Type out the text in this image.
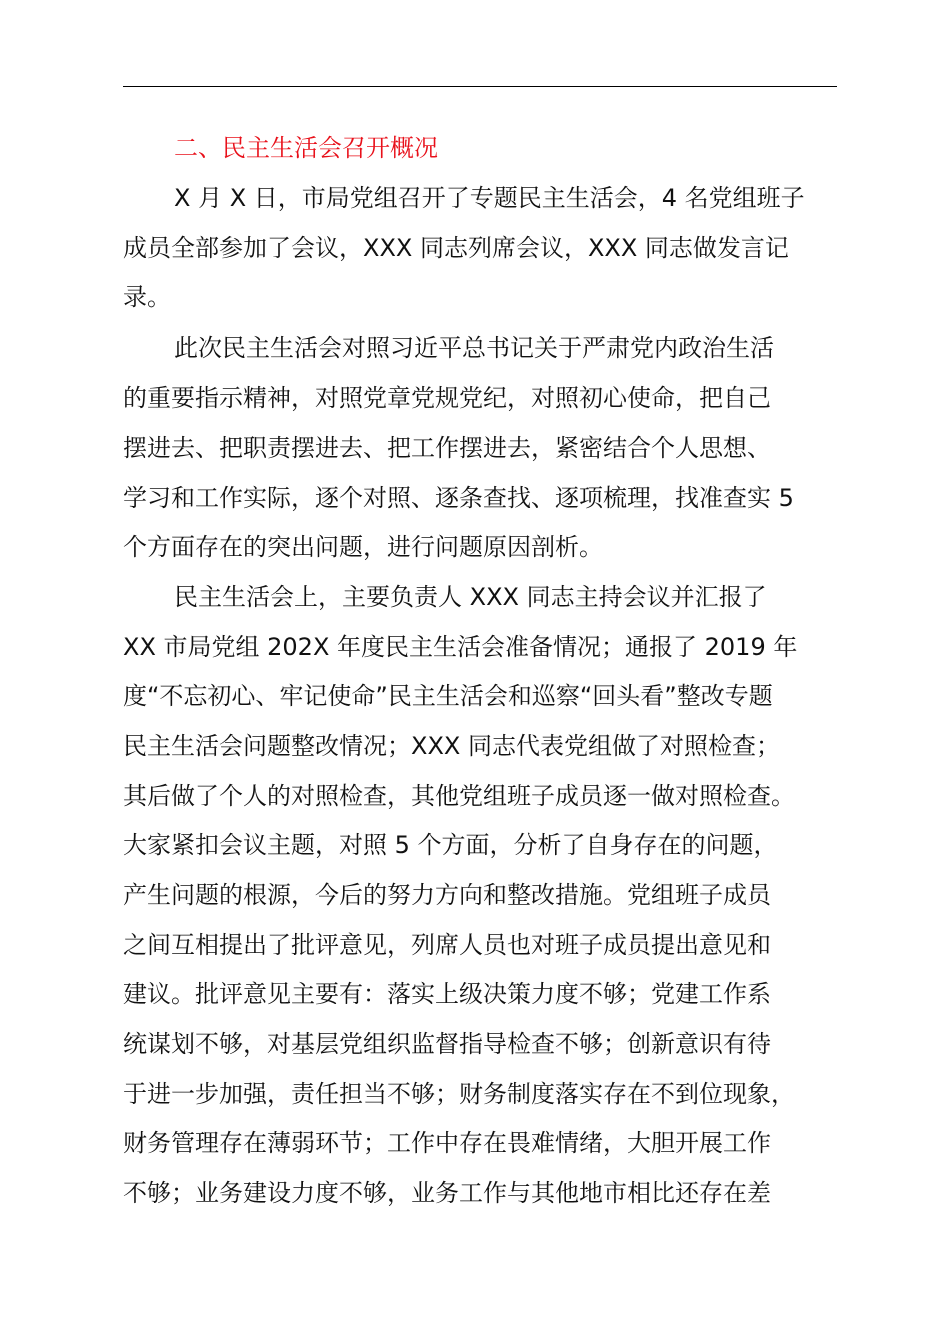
二、民主生活会召开概况
X 月 X 日，市局党组召开了专题民主生活会，4 名党组班子
成员全部参加了会议，XXX 同志列席会议，XXX 同志做发言记
录。
此次民主生活会对照习近平总书记关于严肃党内政治生活
的重要指示精神，对照党章党规党纪，对照初心使命，把自己
摆进去、把职责摆进去、把工作摆进去，紧密结合个人思想、
学习和工作实际，逐个对照、逐条查找、逐项梳理，找准查实 5
个方面存在的突出问题，进行问题原因剖析。
民主生活会上，主要负责人 XXX 同志主持会议并汇报了
XX 市局党组 202X 年度民主生活会准备情况；通报了 2019 年
度“不忘初心、牢记使命”民主生活会和巡察“回头看”整改专题
民主生活会问题整改情况；XXX 同志代表党组做了对照检查；
其后做了个人的对照检查，其他党组班子成员逐一做对照检查。
大家紧扣会议主题，对照 5 个方面，分析了自身存在的问题，
产生问题的根源，今后的努力方向和整改措施。党组班子成员
之间互相提出了批评意见，列席人员也对班子成员提出意见和
建议。批评意见主要有：落实上级决策力度不够；党建工作系
统谋划不够，对基层党组织监督指导检查不够；创新意识有待
于进一步加强，责任担当不够；财务制度落实存在不到位现象，
财务管理存在薄弱环节；工作中存在畏难情绪，大胆开展工作
不够；业务建设力度不够，业务工作与其他地市相比还存在差
